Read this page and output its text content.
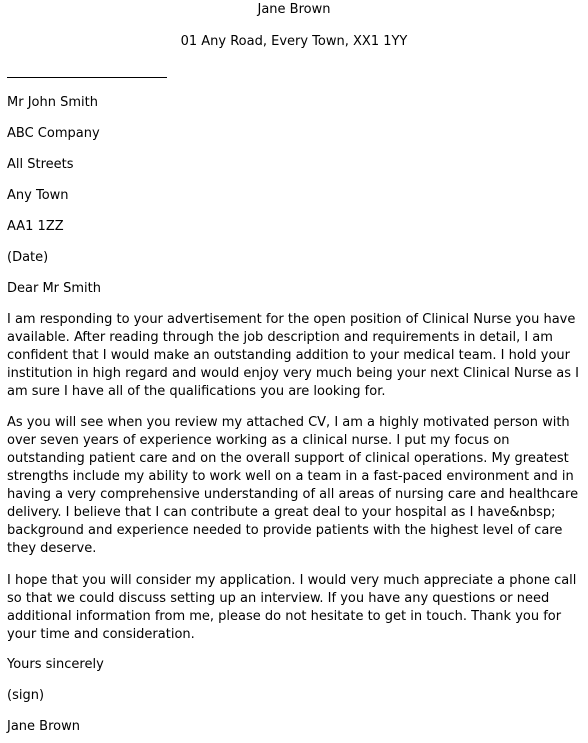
Jane Brown
01 Any Road, Every Town, XX1 1YY
Mr John Smith
ABC Company
All Streets
Any Town
AA1 1ZZ
(Date)
Dear Mr Smith

I am responding to your advertisement for the open position of Clinical Nurse you have available. After reading through the job description and requirements in detail, I am confident that I would make an outstanding addition to your medical team. I hold your institution in high regard and would enjoy very much being your next Clinical Nurse as I am sure I have all of the qualifications you are looking for.

As you will see when you review my attached CV, I am a highly motivated person with over seven years of experience working as a clinical nurse. I put my focus on outstanding patient care and on the overall support of clinical operations. My greatest strengths include my ability to work well on a team in a fast-paced environment and in having a very comprehensive understanding of all areas of nursing care and healthcare delivery. I believe that I can contribute a great deal to your hospital as I have&nbsp; background and experience needed to provide patients with the highest level of care they deserve.

I hope that you will consider my application. I would very much appreciate a phone call so that we could discuss setting up an interview. If you have any questions or need additional information from me, please do not hesitate to get in touch. Thank you for your time and consideration.

Yours sincerely
(sign)
Jane Brown
